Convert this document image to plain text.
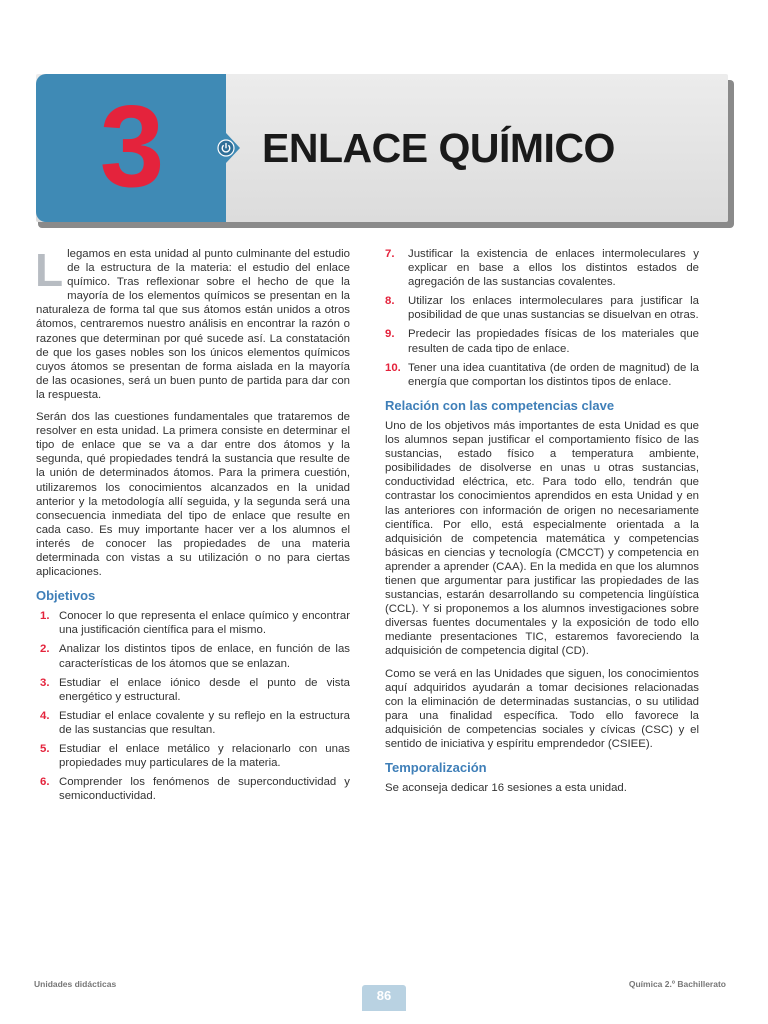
3	ENLACE QUÍMICO

Llegamos en esta unidad al punto culminante del estudio de la estructura de la materia: el estudio del enlace químico. Tras reflexionar sobre el hecho de que la mayoría de los elementos químicos se presentan en la naturaleza de forma tal que sus átomos están unidos a otros átomos, centraremos nuestro análisis en encontrar la razón o razones que determinan por qué sucede así. La constatación de que los gases nobles son los únicos elementos químicos cuyos átomos se presentan de forma aislada en la mayoría de las ocasiones, será un buen punto de partida para dar con la respuesta.

Serán dos las cuestiones fundamentales que trataremos de resolver en esta unidad. La primera consiste en determinar el tipo de enlace que se va a dar entre dos átomos y la segunda, qué propiedades tendrá la sustancia que resulte de la unión de determinados átomos. Para la primera cuestión, utilizaremos los conocimientos alcanzados en la unidad anterior y la metodología allí seguida, y la segunda será una consecuencia inmediata del tipo de enlace que resulte en cada caso. Es muy importante hacer ver a los alumnos el interés de conocer las propiedades de una materia determinada con vistas a su utilización o no para ciertas aplicaciones.

Objetivos
1. Conocer lo que representa el enlace químico y encontrar una justificación científica para el mismo.
2. Analizar los distintos tipos de enlace, en función de las características de los átomos que se enlazan.
3. Estudiar el enlace iónico desde el punto de vista energético y estructural.
4. Estudiar el enlace covalente y su reflejo en la estructura de las sustancias que resultan.
5. Estudiar el enlace metálico y relacionarlo con unas propiedades muy particulares de la materia.
6. Comprender los fenómenos de superconductividad y semiconductividad.
7. Justificar la existencia de enlaces intermoleculares y explicar en base a ellos los distintos estados de agregación de las sustancias covalentes.
8. Utilizar los enlaces intermoleculares para justificar la posibilidad de que unas sustancias se disuelvan en otras.
9. Predecir las propiedades físicas de los materiales que resulten de cada tipo de enlace.
10. Tener una idea cuantitativa (de orden de magnitud) de la energía que comportan los distintos tipos de enlace.
Relación con las competencias clave

Uno de los objetivos más importantes de esta Unidad es que los alumnos sepan justificar el comportamiento físico de las sustancias, estado físico a temperatura ambiente, posibilidades de disolverse en unas u otras sustancias, conductividad eléctrica, etc. Para todo ello, tendrán que contrastar los conocimientos aprendidos en esta Unidad y en las anteriores con información de origen no necesariamente científica. Por ello, está especialmente orientada a la adquisición de competencia matemática y competencias básicas en ciencias y tecnología (CMCCT) y competencia en aprender a aprender (CAA). En la medida en que los alumnos tienen que argumentar para justificar las propiedades de las sustancias, estarán desarrollando su competencia lingüística (CCL). Y si proponemos a los alumnos investigaciones sobre diversas fuentes documentales y la exposición de todo ello mediante presentaciones TIC, estaremos favoreciendo la adquisición de competencia digital (CD).

Como se verá en las Unidades que siguen, los conocimientos aquí adquiridos ayudarán a tomar decisiones relacionadas con la eliminación de determinadas sustancias, o su utilidad para una finalidad específica. Todo ello favorece la adquisición de competencias sociales y cívicas (CSC) y el sentido de iniciativa y espíritu emprendedor (CSIEE).

Temporalización

Se aconseja dedicar 16 sesiones a esta unidad.

Unidades didácticas	Química 2.º Bachillerato
86
